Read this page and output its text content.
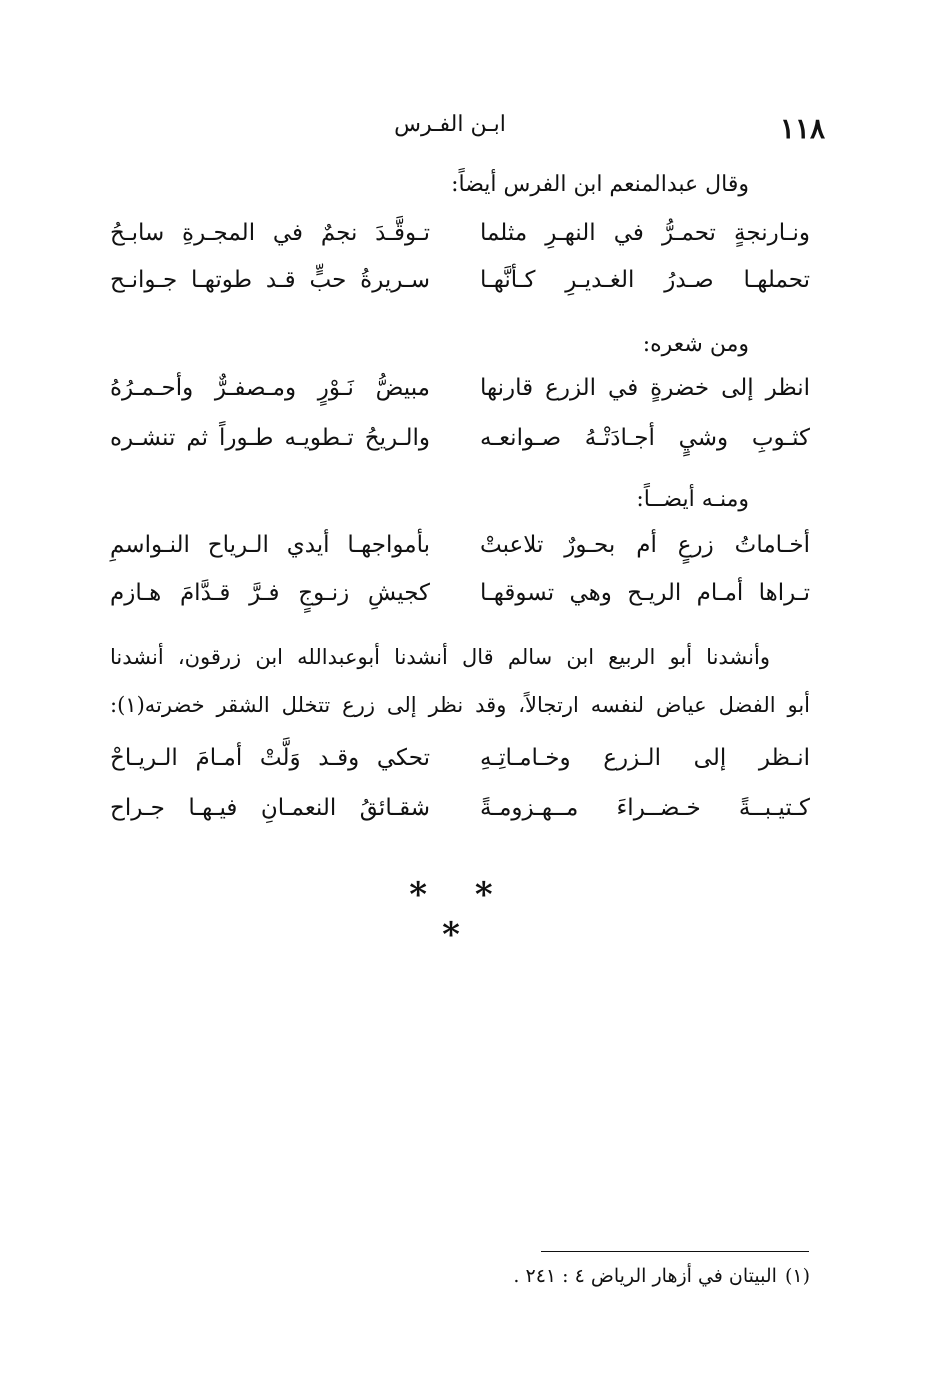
١١٨
ابـن الفـرس
وقال عبدالمنعم ابن الفرس أيضاً:
ونـارنجةٍ تحمـرُّ في النهـرِ مثلما
تـوقَّـدَ نجمٌ في المجـرةِ سابـحُ
تحملهـا صـدرُ الغـديـرِ كـأنَّهـا
سـريرةُ حبٍّ قـد طوتهـا جـوانـح
ومن شعره:
انظر إلى خضرةٍ في الزرع قارنها
مبيضُّ نَـوْرٍ ومـصفـرٌّ وأحـمـرُهُ
كثـوبِ وشيٍ أجـادَتْـهُ صـوانعـه
والـريحُ تـطويـه طـوراً ثم تنشـره
ومنـه أيضــاً:
أخـاماتُ زرعٍ أم بحـورٌ تلاعبتْ
بأمواجهـا أيدي الـرياح النـواسمِ
تـراها أمـام الريـح وهي تسوقهـا
كجيشِ زنـوجٍ فـرَّ قـدَّامَ هـازم
وأنشدنا أبو الربيع ابن سالم قال أنشدنا أبوعبدالله ابن زرقون، أنشدنا
أبو الفضل عياض لنفسه ارتجالاً، وقد نظر إلى زرع تتخلل الشقر خضرته(١):
انـظر إلى الـزرع وخـامـاتِـهِ
تحكي وقـد وَلَّتْ أمـامَ الـريـاحْ
كـتيـبــةً خـضــراءَ مــهـزومـةً
شقـائقُ النعمـانِ فيـهـا جـراح
* * *
(١)البيتان في أزهار الرياض ٤ : ٢٤١ .
